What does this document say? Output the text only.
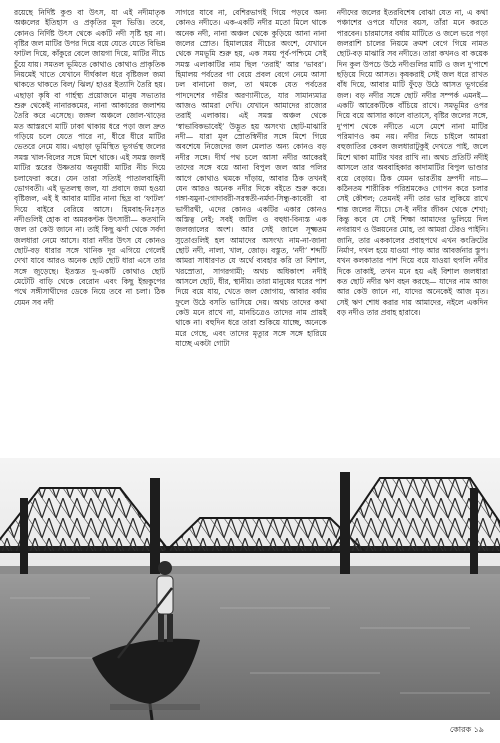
রয়েছে নির্দিষ্ট কুণ্ড বা উৎস, যা এই নদীমাতৃক অঞ্চলের ইতিহাস ও প্রকৃতির মূল ভিত্তি। তবে, কোনও নির্দিষ্ট উৎস থেকে একটি নদী সৃষ্টি হয় না। বৃষ্টির জল মাটির উপর দিয়ে বয়ে যেতে যেতে বিভিন্ন ফাটল দিয়ে, কাঁকুরে বেলে জায়গা দিয়ে, মাটির নীচে চুঁয়ে যায়। সমতল ভূমিতে কোথাও কোথাও প্রাকৃতিক নিয়মেই খাতে যেখানে দীর্ঘকাল ধরে বৃষ্টিজল জমা থাকতে থাকতে বিল/ ঝিল/ হাওর ইত্যাদি তৈরি হয়। এছাড়া কৃষি বা গার্হস্থ্য প্রয়োজনে মানুষ সভ্যতার শুরু থেকেই নানারকমের, নানা আকারের জলাশয় তৈরি করে এসেছে। জঙ্গল অঞ্চলে জোল-খাড়ের মত আস্তরণে মাটি ঢাকা থাকায় ধরে পড়া জল দ্রুত গড়িয়ে চলে যেতে পারে না, ধীরে ধীরে মাটির ভেতরে নেমে যায়। এছাড়া ভূমিস্থিত ভূগর্ভস্থ জলের সমস্ত খাল-বিলের সঙ্গে মিশে থাকে। এই সমস্ত জলই মাটির স্তরের উষ্ণতায় অনুযায়ী মাটির নীচ দিয়ে চলাফেরা করে। যেন তারা সত্যিই পাতালবাহিনী ভোগবতী। এই ভূতলস্থ জল, যা প্রবাদে জমা হওয়া বৃষ্টিজল, এই ই আবার মাটির নানা ছিদ্র বা ‘ফাটল’ দিয়ে বাইরে বেরিয়ে আসে। হিমবাহ-নিঃসৃত নদীগুলিই হোক বা অমরকণ্টক উৎসারী— কতখানি জল তা কেউ জানে না। তাই কিছু ঝর্ণা থেকে সর্বদা জলধারা নেমে আসে। যারা নদীর উৎস যে কোনও ছোট-বড় ধারার সঙ্গে খানিক দূর এগিয়ে গেলেই দেখা যাবে আরও অনেক ছোট ছোট ধারা এসে তার সঙ্গে জুড়েছে। ইতস্তত দু-একটি কোথাও ছোট মেটেটি বাড়ি থেকে বেরোন এবং কিছু ইন্দ্রকুপের পথে সঙ্গীসাথীদের ডেকে নিয়ে তবে না চলা। ঠিক যেমন সব নদী

সাগরে যাবে না, বেশিরভাগই গিয়ে পড়বে অন্য কোনও নদীতে। এক-একটি নদীর মতো মিলে থাকে অনেক নদী, নানা অঞ্চল থেকে কুড়িয়ে আনা নানা জলের স্রোত। হিমালয়ের নীচের অংশে, যেখানে থেকে সমভূমি শুরু হয়, এক সময় পূর্ব-পশ্চিমে সেই সমস্ত এলাকাটির নাম ছিল ‘তরাই’ আর ‘ভাবর’। হিমালয় পর্বতের গা বেয়ে প্রবল বেগে নেমে আসা ঢল বানানো জল, তা থমকে যেত পর্বতের পাদদেশের গভীর অরণ্যানীতে, যার সামান্যমাত্র আজও আমরা দেখি। যেখানে আমাদের রাজ্যের তরাই এলাকায়। এই সমস্ত অঞ্চল থেকে ‘স্বাভাবিকভাবেই’ উদ্ভূত হয় অসংখ্য ছোট-মাঝারি নদী— যারা মূল স্রোতস্বিনীর সঙ্গে মিশে গিয়ে অবশেষে নিজেদের জল মেলাত অন্য কোনও বড় নদীর সঙ্গে। দীর্ঘ পথ চলে আসা নদীর আকেরই তাদের সঙ্গে বয়ে আনা বিপুল জল আর পলির আগে কোথাও থমকে দাঁড়ায়, আবার ঠিক তখনই যেন আরও অনেক নদীর দিকে বইতে শুরু করে। গঙ্গা-যমুনা-গোদাবরী-সরস্বতী-নর্মদা-সিন্ধু-কাবেরী বা ভাগীরথী, এদের কোনও একটির একার কোনও অস্তিত্ব নেই; সবই জটিল ও বহুধা-বিন্যস্ত এক জলজালের অংশ। আর সেই জালে সূক্ষ্মতম সুতোগুলিই হল আমাদের অসংখ্য নাম-না-জানা ছোট নদী, নালা, খাল, জোড়। বস্তুত, ‘নদী’ শব্দটি আমরা সাধারণত যে অর্থে ব্যবহার করি তা বিশাল, খরস্রোতা, সাগরগামী; অথচ অধিকাংশ নদীই আসলে ছোট, ধীর, স্থানীয়। তারা মানুষের ঘরের পাশ দিয়ে বয়ে যায়, খেতে জল জোগায়, আবার বর্ষায় ফুলে উঠে বসতি ভাসিয়ে দেয়। অথচ তাদের কথা কেউ মনে রাখে না, মানচিত্রেও তাদের নাম প্রায়ই থাকে না। বহুদিন ধরে তারা শুকিয়ে যাচ্ছে, অনেকে মরে গেছে, এবং তাদের মৃত্যুর সঙ্গে সঙ্গে হারিয়ে যাচ্ছে একটা গোটা

নদীদের জলের ইতরবিশেষ বোঝা যেত না, এ কথা পঞ্চাশের ওপরে যাঁদের বয়স, তাঁরা মনে করতে পারবেন। চারমাসের বর্ষায় মাটিতে ও জলে ভরে পড়া জলরাশি চালের নিয়মে ক্রমশ বেগে গিয়ে নামত ছোট-বড় মাঝারি সব নদীতে। তারা কখনও বা কয়েক দিন কুল উপচে উঠে নদীগুলির মাটি ও জল দু'পাশে ছড়িয়ে দিয়ে আসত। কৃষকরাই সেই জল ধরে রাখত বাঁধ দিয়ে, আবার মাটি ফুঁড়ে উঠে আসত ভূগর্ভের জল। বড় নদীর সঙ্গে ছোট নদীর সম্পর্ক এমনই— একটি আরেকটিকে বাঁচিয়ে রাখে। সমভূমির ওপর দিয়ে বয়ে আসার কালে বাতাসে, বৃষ্টির জলের সঙ্গে, দু'পাশ থেকে নদীতে এসে মেশে নানা মাটির পরিমাণও কম নয়। নদীর নিচে চাইলে আমরা বহুজাতির কেবল জলধারাটুকুই দেখতে পাই, জলে মিশে থাকা মাটির খবর রাখি না। অথচ প্রতিটি নদীই আসলে তার অববাহিকার কাদামাটির বিপুল ভাণ্ডার বয়ে বেড়ায়। ঠিক যেমন ভারতীয় দ্রুপদী নাচ— কঠিনতম শারীরিক পরিশ্রমকেও গোপন করে চলার সেই কৌশল; তেমনই নদী তার ভার লুকিয়ে রাখে শান্ত জলের নীচে। সে-ই নদীর জীবন থেকে শেখা; কিন্তু কবে যে সেই শিক্ষা আমাদের ভুলিয়ে দিল নগরায়ণ ও উন্নয়নের মোহ, তা আমরা টেরও পাইনি। জানি, তার এককালের প্রবাহপথে এখন কংক্রিটের নির্মাণ, দখল হয়ে যাওয়া পাড় আর আবর্জনার স্তূপ। যখন কলকাতার পাশ দিয়ে বয়ে যাওয়া হুগলি নদীর দিকে তাকাই, তখন মনে হয় এই বিশাল জলধারা কত ছোট নদীর ঋণ বহন করছে— যাদের নাম আজ আর কেউ জানে না, যাদের অনেকেই আজ মৃত। সেই ঋণ শোধ করার দায় আমাদের, নইলে একদিন বড় নদীও তার প্রবাহ হারাবে।

কোরক ১৯
